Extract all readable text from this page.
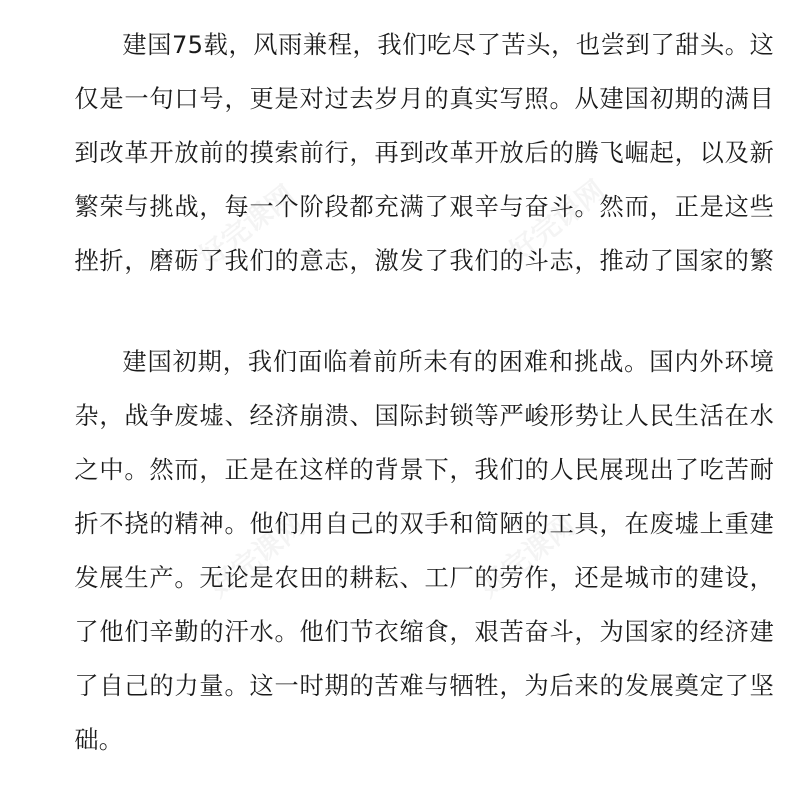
好完课网	好完课网
好完课网	好完课网
建国75载，风雨兼程，我们吃尽了苦头，也尝到了甜头。这
仅是一句口号，更是对过去岁月的真实写照。从建国初期的满目
到改革开放前的摸索前行，再到改革开放后的腾飞崛起，以及新
繁荣与挑战，每一个阶段都充满了艰辛与奋斗。然而，正是这些
挫折，磨砺了我们的意志，激发了我们的斗志，推动了国家的繁
建国初期，我们面临着前所未有的困难和挑战。国内外环境
杂，战争废墟、经济崩溃、国际封锁等严峻形势让人民生活在水
之中。然而，正是在这样的背景下，我们的人民展现出了吃苦耐
折不挠的精神。他们用自己的双手和简陋的工具，在废墟上重建
发展生产。无论是农田的耕耘、工厂的劳作，还是城市的建设，
了他们辛勤的汗水。他们节衣缩食，艰苦奋斗，为国家的经济建
了自己的力量。这一时期的苦难与牺牲，为后来的发展奠定了坚
础。
